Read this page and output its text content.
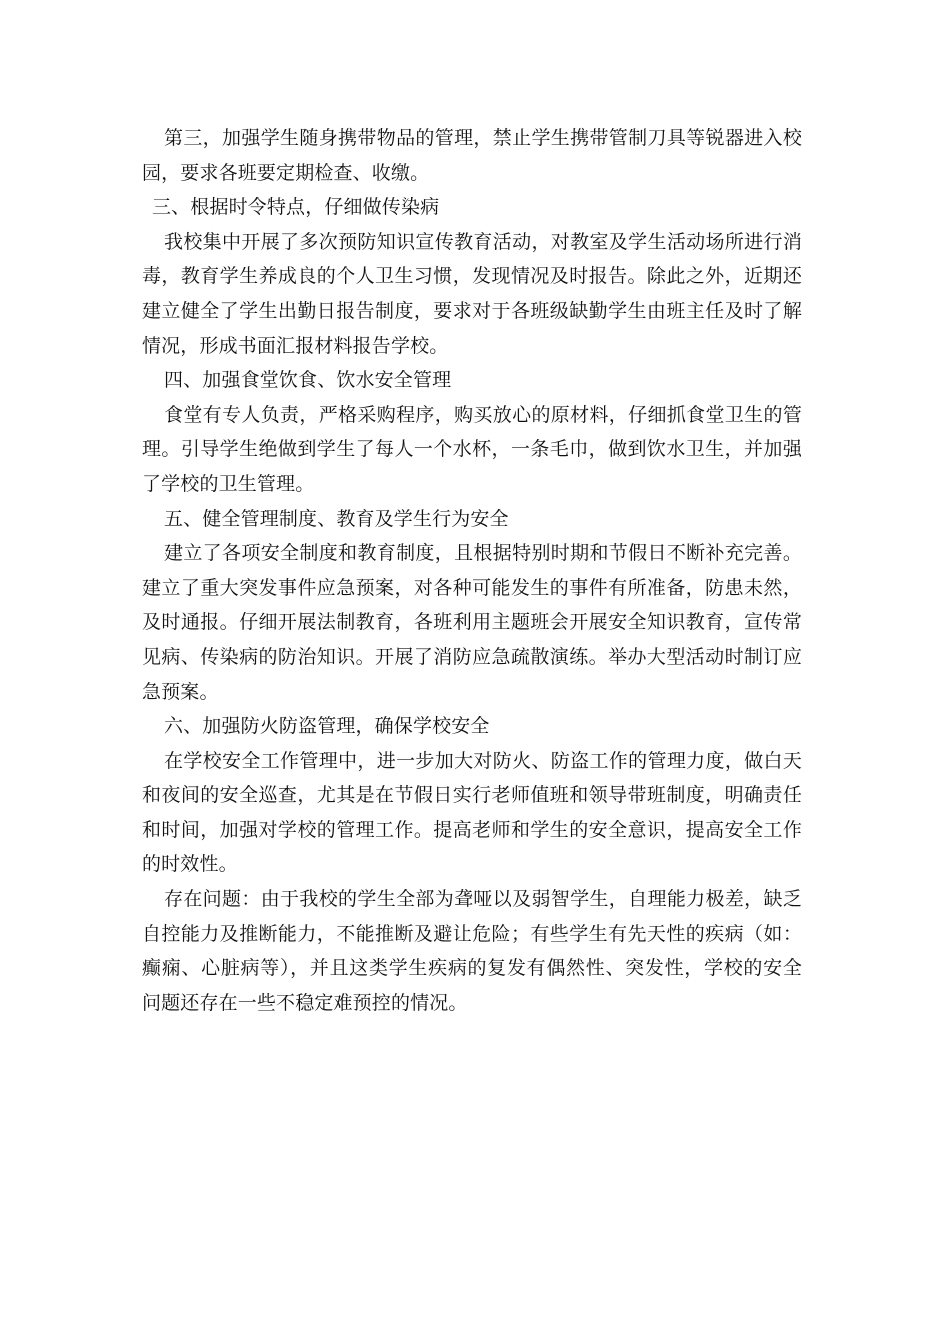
第三，加强学生随身携带物品的管理，禁止学生携带管制刀具等锐器进入校园，要求各班要定期检查、收缴。

三、根据时令特点，仔细做传染病

我校集中开展了多次预防知识宣传教育活动，对教室及学生活动场所进行消毒，教育学生养成良的个人卫生习惯，发现情况及时报告。除此之外，近期还建立健全了学生出勤日报告制度，要求对于各班级缺勤学生由班主任及时了解情况，形成书面汇报材料报告学校。

四、加强食堂饮食、饮水安全管理

食堂有专人负责，严格采购程序，购买放心的原材料，仔细抓食堂卫生的管理。引导学生绝做到学生了每人一个水杯，一条毛巾，做到饮水卫生，并加强了学校的卫生管理。

五、健全管理制度、教育及学生行为安全

建立了各项安全制度和教育制度，且根据特别时期和节假日不断补充完善。建立了重大突发事件应急预案，对各种可能发生的事件有所准备，防患未然，及时通报。仔细开展法制教育，各班利用主题班会开展安全知识教育，宣传常见病、传染病的防治知识。开展了消防应急疏散演练。举办大型活动时制订应急预案。

六、加强防火防盗管理，确保学校安全

在学校安全工作管理中，进一步加大对防火、防盗工作的管理力度，做白天和夜间的安全巡查，尤其是在节假日实行老师值班和领导带班制度，明确责任和时间，加强对学校的管理工作。提高老师和学生的安全意识，提高安全工作的时效性。

存在问题：由于我校的学生全部为聋哑以及弱智学生，自理能力极差，缺乏自控能力及推断能力，不能推断及避让危险；有些学生有先天性的疾病（如：癫痫、心脏病等），并且这类学生疾病的复发有偶然性、突发性，学校的安全问题还存在一些不稳定难预控的情况。
